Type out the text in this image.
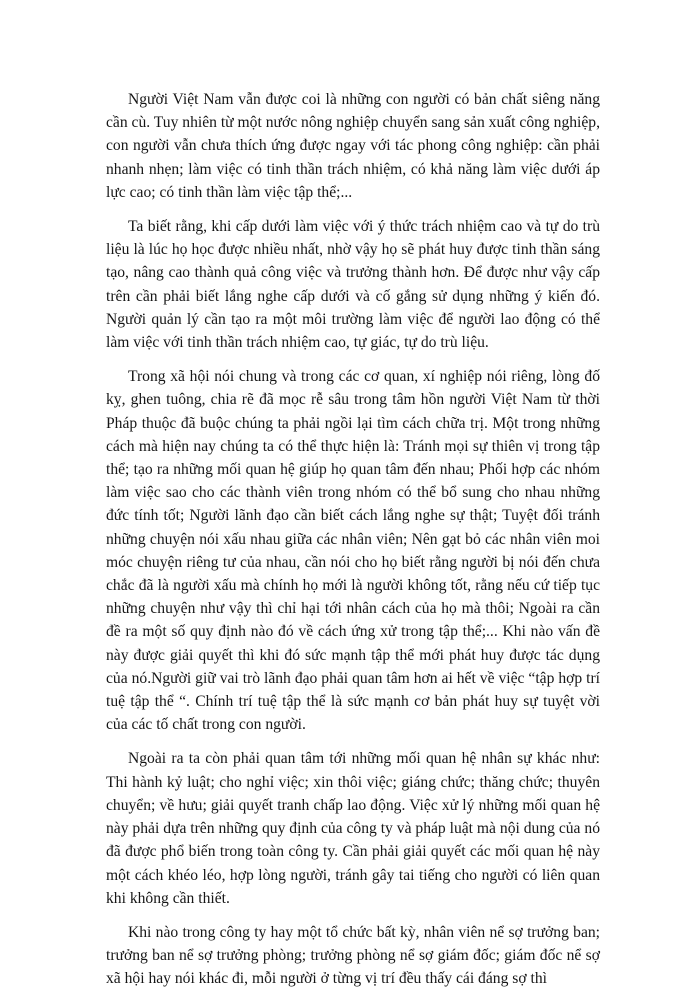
Người Việt Nam vẫn được coi là những con người có bản chất siêng năng cần cù. Tuy nhiên từ một nước nông nghiệp chuyển sang sản xuất công nghiệp, con người vẫn chưa thích ứng được ngay với tác phong công nghiệp: cần phải nhanh nhẹn; làm việc có tinh thần trách nhiệm, có khả năng làm việc dưới áp lực cao; có tinh thần làm việc tập thể;...

Ta biết rằng, khi cấp dưới làm việc với ý thức trách nhiệm cao và tự do trù liệu là lúc họ học được nhiều nhất, nhờ vậy họ sẽ phát huy được tinh thần sáng tạo, nâng cao thành quả công việc và trưởng thành hơn. Để được như vậy cấp trên cần phải biết lắng nghe cấp dưới và cố gắng sử dụng những ý kiến đó. Người quản lý cần tạo ra một môi trường làm việc để người lao động có thể làm việc với tinh thần trách nhiệm cao, tự giác, tự do trù liệu.

Trong xã hội nói chung và trong các cơ quan, xí nghiệp nói riêng, lòng đố kỵ, ghen tuông, chia rẽ đã mọc rễ sâu trong tâm hồn người Việt Nam từ thời Pháp thuộc đã buộc chúng ta phải ngồi lại tìm cách chữa trị. Một trong những cách mà hiện nay chúng ta có thể thực hiện là: Tránh mọi sự thiên vị trong tập thể; tạo ra những mối quan hệ giúp họ quan tâm đến nhau; Phối hợp các nhóm làm việc sao cho các thành viên trong nhóm có thể bổ sung cho nhau những đức tính tốt; Người lãnh đạo cần biết cách lắng nghe sự thật; Tuyệt đối tránh những chuyện nói xấu nhau giữa các nhân viên; Nên gạt bỏ các nhân viên moi móc chuyện riêng tư của nhau, cần nói cho họ biết rằng người bị nói đến chưa chắc đã là người xấu mà chính họ mới là người không tốt, rằng nếu cứ tiếp tục những chuyện như vậy thì chỉ hại tới nhân cách của họ mà thôi; Ngoài ra cần đề ra một số quy định nào đó về cách ứng xử trong tập thể;... Khi nào vấn đề này được giải quyết thì khi đó sức mạnh tập thể mới phát huy được tác dụng của nó.Người giữ vai trò lãnh đạo phải quan tâm hơn ai hết về việc “tập hợp trí tuệ tập thể “. Chính trí tuệ tập thể là sức mạnh cơ bản phát huy sự tuyệt vời của các tố chất trong con người.

Ngoài ra ta còn phải quan tâm tới những mối quan hệ nhân sự khác như: Thi hành kỷ luật; cho nghỉ việc; xin thôi việc; giáng chức; thăng chức; thuyên chuyển; về hưu; giải quyết tranh chấp lao động. Việc xử lý những mối quan hệ này phải dựa trên những quy định của công ty và pháp luật mà nội dung của nó đã được phổ biến trong toàn công ty. Cần phải giải quyết các mối quan hệ này một cách khéo léo, hợp lòng người, tránh gây tai tiếng cho người có liên quan khi không cần thiết.

Khi nào trong công ty hay một tổ chức bất kỳ, nhân viên nể sợ trưởng ban; trưởng ban nể sợ trưởng phòng; trưởng phòng nể sợ giám đốc; giám đốc nể sợ xã hội hay nói khác đi, mỗi người ở từng vị trí đều thấy cái đáng sợ thì
